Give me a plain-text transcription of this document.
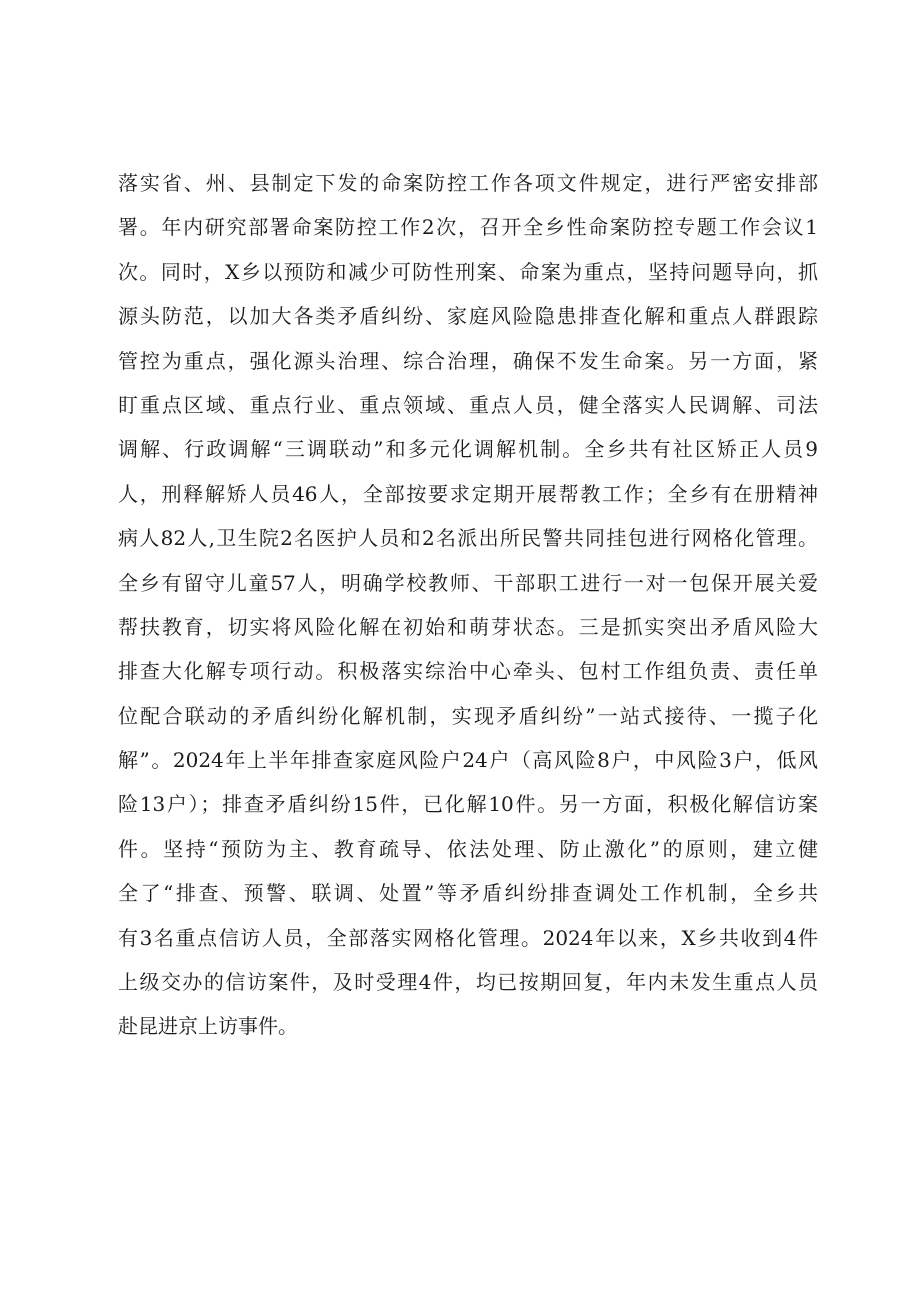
落实省、州、县制定下发的命案防控工作各项文件规定，进行严密安排部
署。年内研究部署命案防控工作2次，召开全乡性命案防控专题工作会议1
次。同时，X乡以预防和减少可防性刑案、命案为重点，坚持问题导向，抓
源头防范，以加大各类矛盾纠纷、家庭风险隐患排查化解和重点人群跟踪
管控为重点，强化源头治理、综合治理，确保不发生命案。另一方面，紧
盯重点区域、重点行业、重点领域、重点人员，健全落实人民调解、司法
调解、行政调解“三调联动”和多元化调解机制。全乡共有社区矫正人员9
人，刑释解矫人员46人，全部按要求定期开展帮教工作；全乡有在册精神
病人82人,卫生院2名医护人员和2名派出所民警共同挂包进行网格化管理。
全乡有留守儿童57人，明确学校教师、干部职工进行一对一包保开展关爱
帮扶教育，切实将风险化解在初始和萌芽状态。三是抓实突出矛盾风险大
排查大化解专项行动。积极落实综治中心牵头、包村工作组负责、责任单
位配合联动的矛盾纠纷化解机制，实现矛盾纠纷”一站式接待、一揽子化
解”。2024年上半年排查家庭风险户24户（高风险8户，中风险3户，低风
险13户）；排查矛盾纠纷15件，已化解10件。另一方面，积极化解信访案
件。坚持“预防为主、教育疏导、依法处理、防止激化”的原则，建立健
全了“排查、预警、联调、处置”等矛盾纠纷排查调处工作机制，全乡共
有3名重点信访人员，全部落实网格化管理。2024年以来，X乡共收到4件
上级交办的信访案件，及时受理4件，均已按期回复，年内未发生重点人员
赴昆进京上访事件。
